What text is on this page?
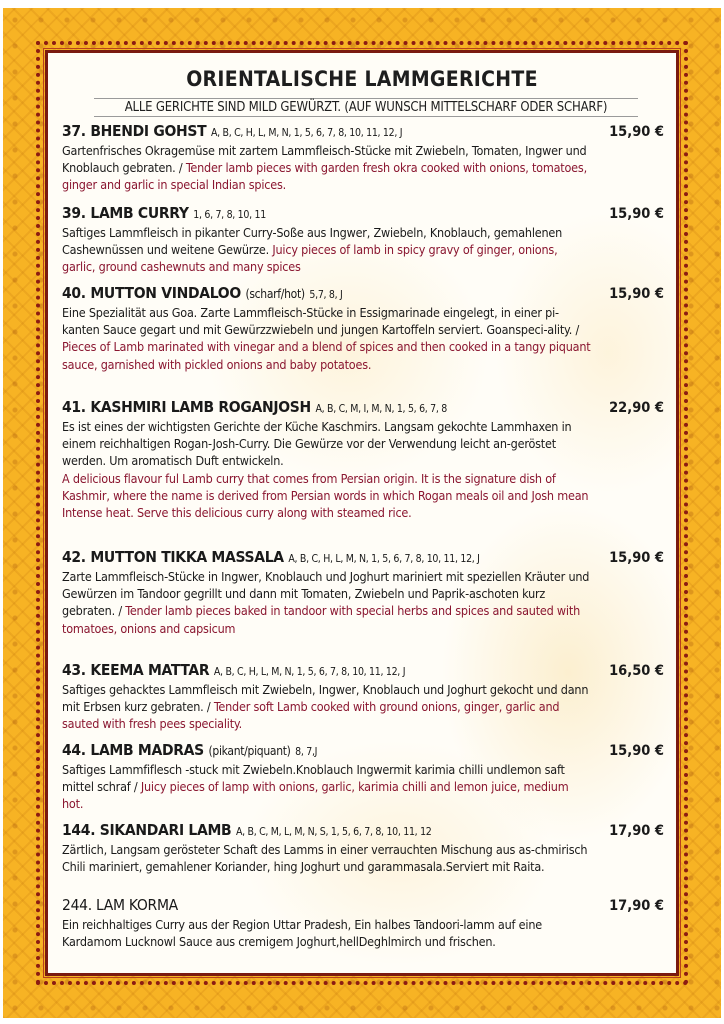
ORIENTALISCHE LAMMGERICHTE
ALLE GERICHTE SIND MILD GEWÜRZT. (AUF WUNSCH MITTELSCHARF ODER SCHARF)
37. BHENDI GOHST A, B, C, H, L, M, N, 1, 5, 6, 7, 8, 10, 11, 12, J	15,90 €
Gartenfrisches Okragemüse mit zartem Lammfleisch-Stücke mit Zwiebeln, Tomaten, Ingwer und Knoblauch gebraten. / Tender lamb pieces with garden fresh okra cooked with onions, tomatoes, ginger and garlic in special Indian spices.
39. LAMB CURRY 1, 6, 7, 8, 10, 11	15,90 €
Saftiges Lammfleisch in pikanter Curry-Soße aus Ingwer, Zwiebeln, Knoblauch, gemahlenen Cashewnüssen und weitene Gewürze. Juicy pieces of lamb in spicy gravy of ginger, onions, garlic, ground cashewnuts and many spices
40. MUTTON VINDALOO (scharf/hot) 5,7, 8, J	15,90 €
Eine Spezialität aus Goa. Zarte Lammfleisch-Stücke in Essigmarinade eingelegt, in einer pi-kanten Sauce gegart und mit Gewürzzwiebeln und jungen Kartoffeln serviert. Goanspeci-ality. / Pieces of Lamb marinated with vinegar and a blend of spices and then cooked in a tangy piquant sauce, garnished with pickled onions and baby potatoes.
41. KASHMIRI LAMB ROGANJOSH A, B, C, M, I, M, N, 1, 5, 6, 7, 8	22,90 €
Es ist eines der wichtigsten Gerichte der Küche Kaschmirs. Langsam gekochte Lammhaxen in einem reichhaltigen Rogan-Josh-Curry. Die Gewürze vor der Verwendung leicht an-geröstet werden. Um aromatisch Duft entwickeln.
A delicious flavour ful Lamb curry that comes from Persian origin. It is the signature dish of Kashmir, where the name is derived from Persian words in which Rogan meals oil and Josh mean Intense heat. Serve this delicious curry along with steamed rice.
42. MUTTON TIKKA MASSALA A, B, C, H, L, M, N, 1, 5, 6, 7, 8, 10, 11, 12, J	15,90 €
Zarte Lammfleisch-Stücke in Ingwer, Knoblauch und Joghurt mariniert mit speziellen Kräuter und Gewürzen im Tandoor gegrillt und dann mit Tomaten, Zwiebeln und Paprik-aschoten kurz gebraten. / Tender lamb pieces baked in tandoor with special herbs and spices and sauted with tomatoes, onions and capsicum
43. KEEMA MATTAR A, B, C, H, L, M, N, 1, 5, 6, 7, 8, 10, 11, 12, J	16,50 €
Saftiges gehacktes Lammfleisch mit Zwiebeln, Ingwer, Knoblauch und Joghurt gekocht und dann mit Erbsen kurz gebraten. / Tender soft Lamb cooked with ground onions, ginger, garlic and sauted with fresh pees speciality.
44. LAMB MADRAS (pikant/piquant) 8, 7,J	15,90 €
Saftiges Lammfiflesch -stuck mit Zwiebeln.Knoblauch Ingwermit karimia chilli undlemon saft mittel schraf / Juicy pieces of lamp with onions, garlic, karimia chilli and lemon juice, medium hot.
144. SIKANDARI LAMB A, B, C, M, L, M, N, S, 1, 5, 6, 7, 8, 10, 11, 12	17,90 €
Zärtlich, Langsam gerösteter Schaft des Lamms in einer verrauchten Mischung aus as-chmirisch Chili mariniert, gemahlener Koriander, hing Joghurt und garammasala.Serviert mit Raita.
244. LAM KORMA	17,90 €
Ein reichhaltiges Curry aus der Region Uttar Pradesh, Ein halbes Tandoori-lamm auf eine Kardamom Lucknowl Sauce aus cremigem Joghurt,hellDeghlmirch und frischen.
